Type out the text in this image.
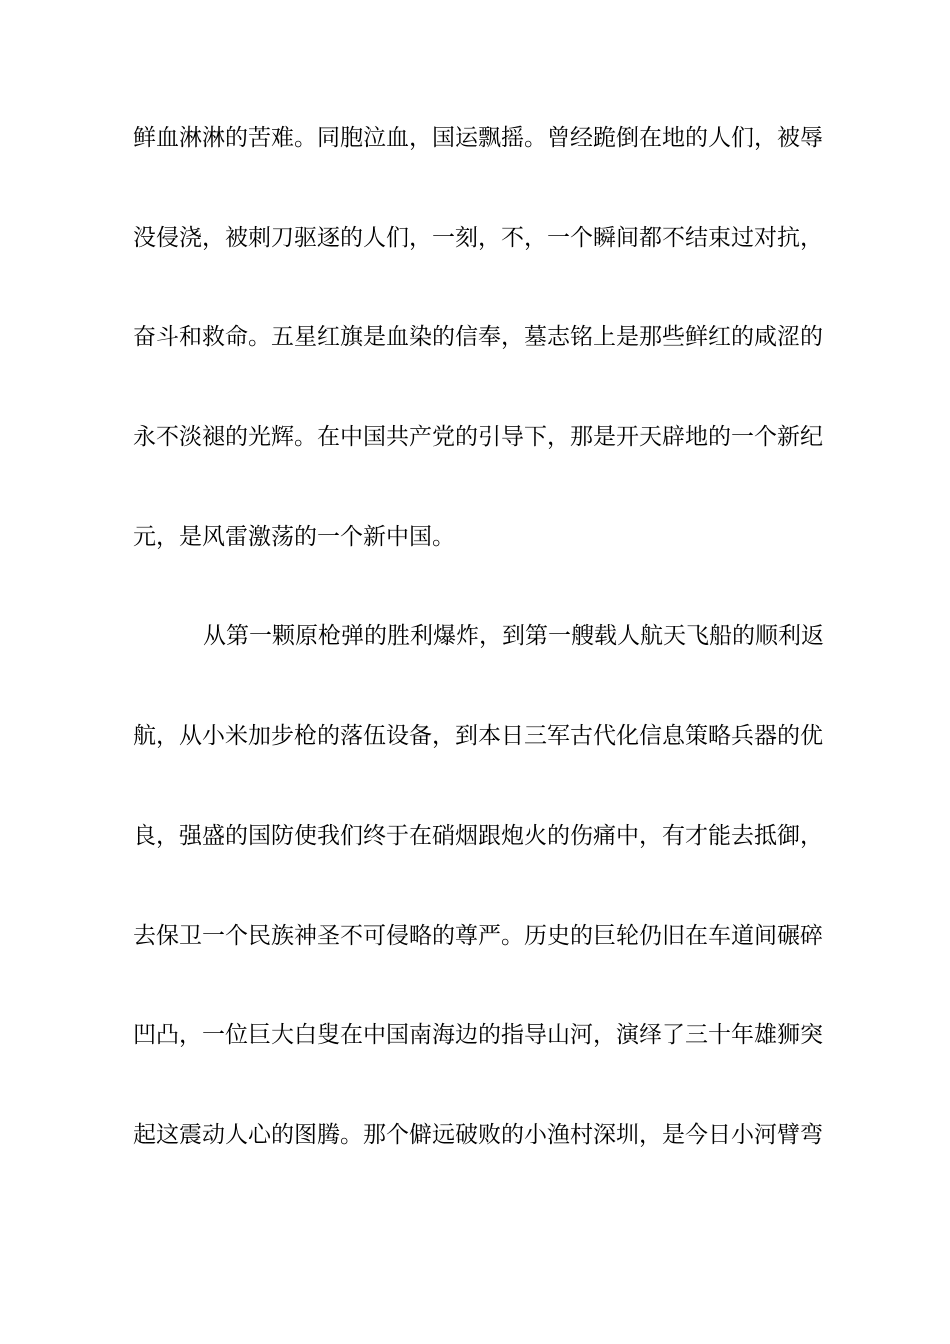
鲜血淋淋的苦难。同胞泣血，国运飘摇。曾经跪倒在地的人们，被辱
没侵浇，被刺刀驱逐的人们，一刻，不，一个瞬间都不结束过对抗，
奋斗和救命。五星红旗是血染的信奉，墓志铭上是那些鲜红的咸涩的
永不淡褪的光辉。在中国共产党的引导下，那是开天辟地的一个新纪
元，是风雷激荡的一个新中国。
从第一颗原枪弹的胜利爆炸，到第一艘载人航天飞船的顺利返
航，从小米加步枪的落伍设备，到本日三军古代化信息策略兵器的优
良，强盛的国防使我们终于在硝烟跟炮火的伤痛中，有才能去抵御，
去保卫一个民族神圣不可侵略的尊严。历史的巨轮仍旧在车道间碾碎
凹凸，一位巨大白叟在中国南海边的指导山河，演绎了三十年雄狮突
起这震动人心的图腾。那个僻远破败的小渔村深圳，是今日小河臂弯
